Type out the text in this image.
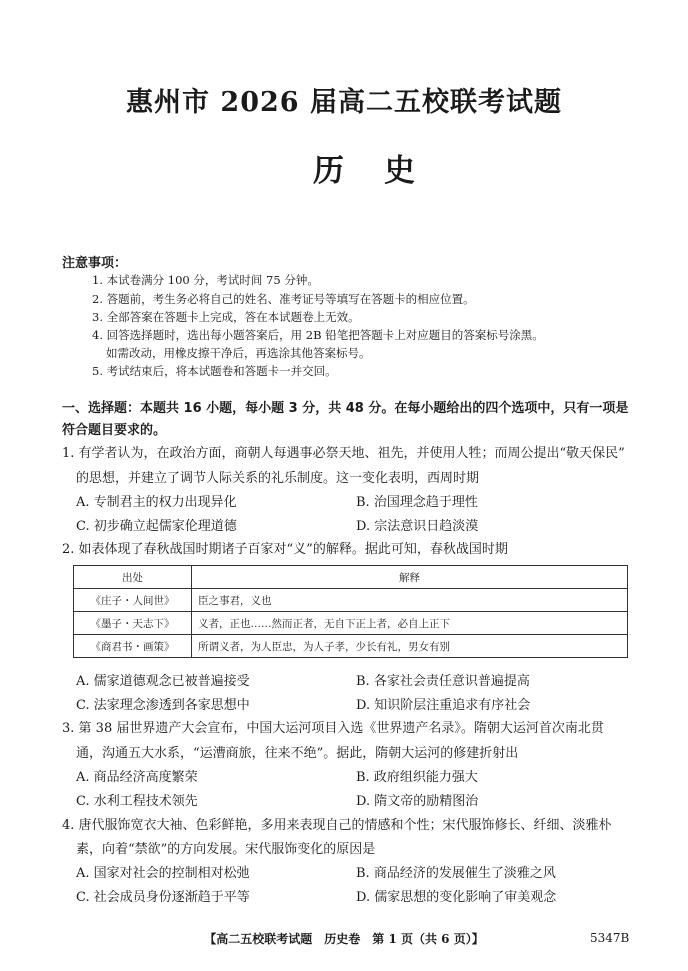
惠州市 2026 届高二五校联考试题
历史
注意事项：
1. 本试卷满分 100 分，考试时间 75 分钟。
2. 答题前，考生务必将自己的姓名、准考证号等填写在答题卡的相应位置。
3. 全部答案在答题卡上完成，答在本试题卷上无效。
4. 回答选择题时，选出每小题答案后，用 2B 铅笔把答题卡上对应题目的答案标号涂黑。
如需改动，用橡皮擦干净后，再选涂其他答案标号。
5. 考试结束后，将本试题卷和答题卡一并交回。
一、选择题：本题共 16 小题，每小题 3 分，共 48 分。在每小题给出的四个选项中，只有一项是符合题目要求的。
1. 有学者认为，在政治方面，商朝人每遇事必祭天地、祖先，并使用人牲；而周公提出“敬天保民”
的思想，并建立了调节人际关系的礼乐制度。这一变化表明，西周时期
A. 专制君主的权力出现异化	B. 治国理念趋于理性
C. 初步确立起儒家伦理道德	D. 宗法意识日趋淡漠
2. 如表体现了春秋战国时期诸子百家对“义”的解释。据此可知，春秋战国时期
出处	解释
《庄子・人间世》	臣之事君，义也
《墨子・天志下》	义者，正也……然而正者，无自下正上者，必自上正下
《商君书・画策》	所谓义者，为人臣忠，为人子孝，少长有礼，男女有别
A. 儒家道德观念已被普遍接受	B. 各家社会责任意识普遍提高
C. 法家理念渗透到各家思想中	D. 知识阶层注重追求有序社会
3. 第 38 届世界遗产大会宣布，中国大运河项目入选《世界遗产名录》。隋朝大运河首次南北贯
通，沟通五大水系，“运漕商旅，往来不绝”。据此，隋朝大运河的修建折射出
A. 商品经济高度繁荣	B. 政府组织能力强大
C. 水利工程技术领先	D. 隋文帝的励精图治
4. 唐代服饰宽衣大袖、色彩鲜艳，多用来表现自己的情感和个性；宋代服饰修长、纤细、淡雅朴
素，向着“禁欲”的方向发展。宋代服饰变化的原因是
A. 国家对社会的控制相对松弛	B. 商品经济的发展催生了淡雅之风
C. 社会成员身份逐渐趋于平等	D. 儒家思想的变化影响了审美观念
【高二五校联考试题　历史卷　第 1 页（共 6 页）】	5347B
